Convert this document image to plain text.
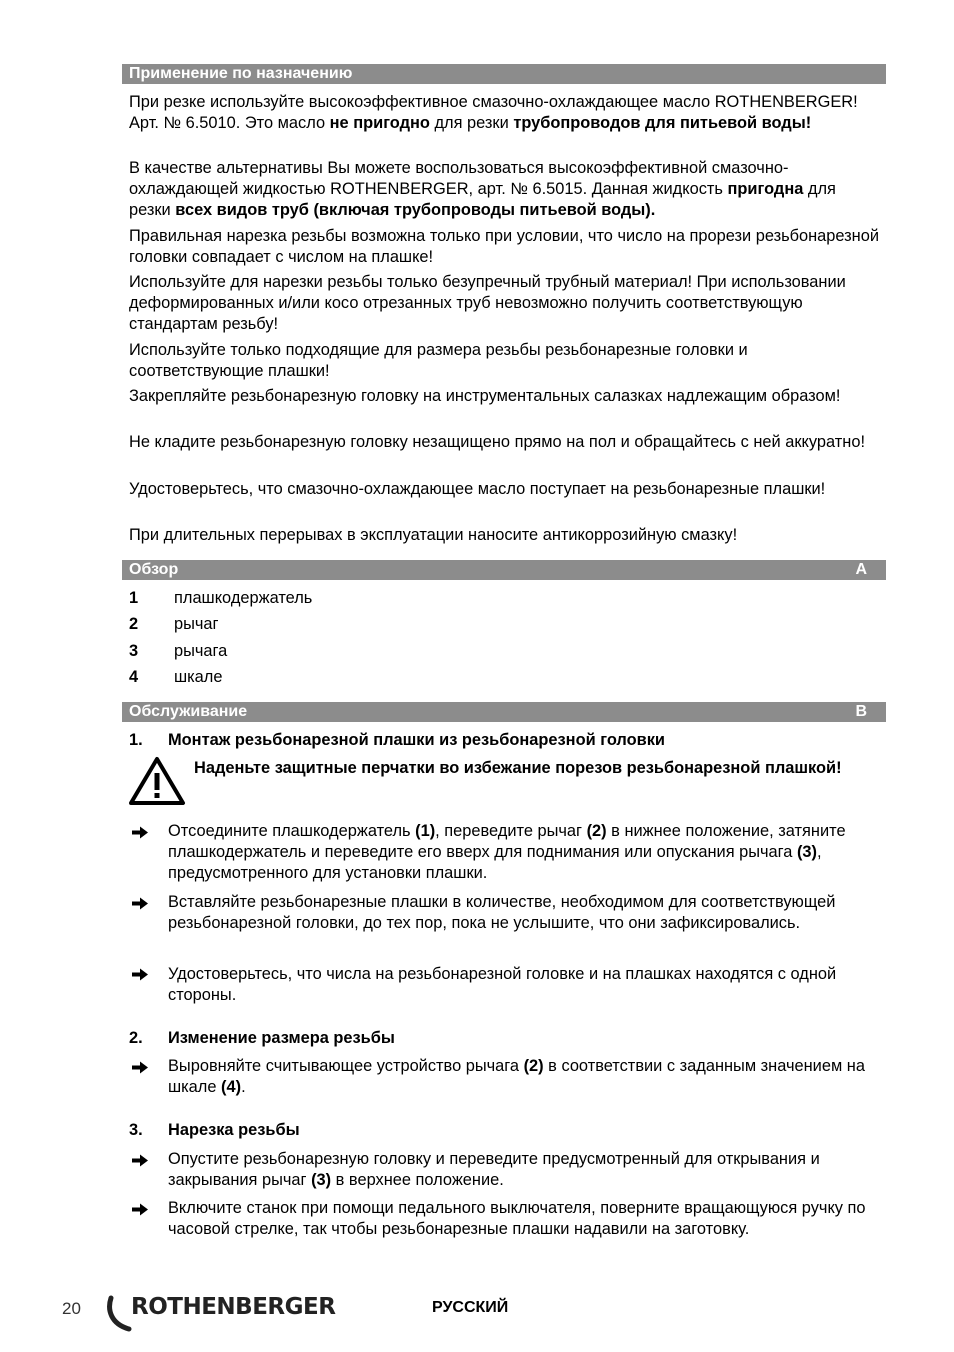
Применение по назначению

При резке используйте высокоэффективное смазочно-охлаждающее масло ROTHENBERGER! Арт. № 6.5010. Это масло не пригодно для резки трубопроводов для питьевой воды!

В качестве альтернативы Вы можете воспользоваться высокоэффективной смазочно-охлаждающей жидкостью ROTHENBERGER, арт. № 6.5015. Данная жидкость пригодна для резки всех видов труб (включая трубопроводы питьевой воды).

Правильная нарезка резьбы возможна только при условии, что число на прорези резьбонарезной головки совпадает с числом на плашке!

Используйте для нарезки резьбы только безупречный трубный материал! При использовании деформированных и/или косо отрезанных труб невозможно получить соответствующую стандартам резьбу!

Используйте только подходящие для размера резьбы резьбонарезные головки и соответствующие плашки!

Закрепляйте резьбонарезную головку на инструментальных салазках надлежащим образом!

Не кладите резьбонарезную головку незащищено прямо на пол и обращайтесь с ней аккуратно!

Удостоверьтесь, что смазочно-охлаждающее масло поступает на резьбонарезные плашки!

При длительных перерывах в эксплуатации наносите антикоррозийную смазку!

Обзор	A
1	плашкодержатель
2	рычаг
3	рычага
4	шкале
Обслуживание	B
1. Монтаж резьбонарезной плашки из резьбонарезной головки

Наденьте защитные перчатки во избежание порезов резьбонарезной плашкой!

Отсоедините плашкодержатель (1), переведите рычаг (2) в нижнее положение, затяните плашкодержатель и переведите его вверх для поднимания или опускания рычага (3), предусмотренного для установки плашки.

Вставляйте резьбонарезные плашки в количестве, необходимом для соответствующей резьбонарезной головки, до тех пор, пока не услышите, что они зафиксировались.

Удостоверьтесь, что числа на резьбонарезной головке и на плашках находятся с одной стороны.

2. Изменение размера резьбы

Выровняйте считывающее устройство рычага (2) в соответствии с заданным значением на шкале (4).

3. Нарезка резьбы

Опустите резьбонарезную головку и переведите предусмотренный для открывания и закрывания рычаг (3) в верхнее положение.

Включите станок при помощи педального выключателя, поверните вращающуюся ручку по часовой стрелке, так чтобы резьбонарезные плашки надавили на заготовку.

20 ROTHENBERGER	РУССКИЙ
